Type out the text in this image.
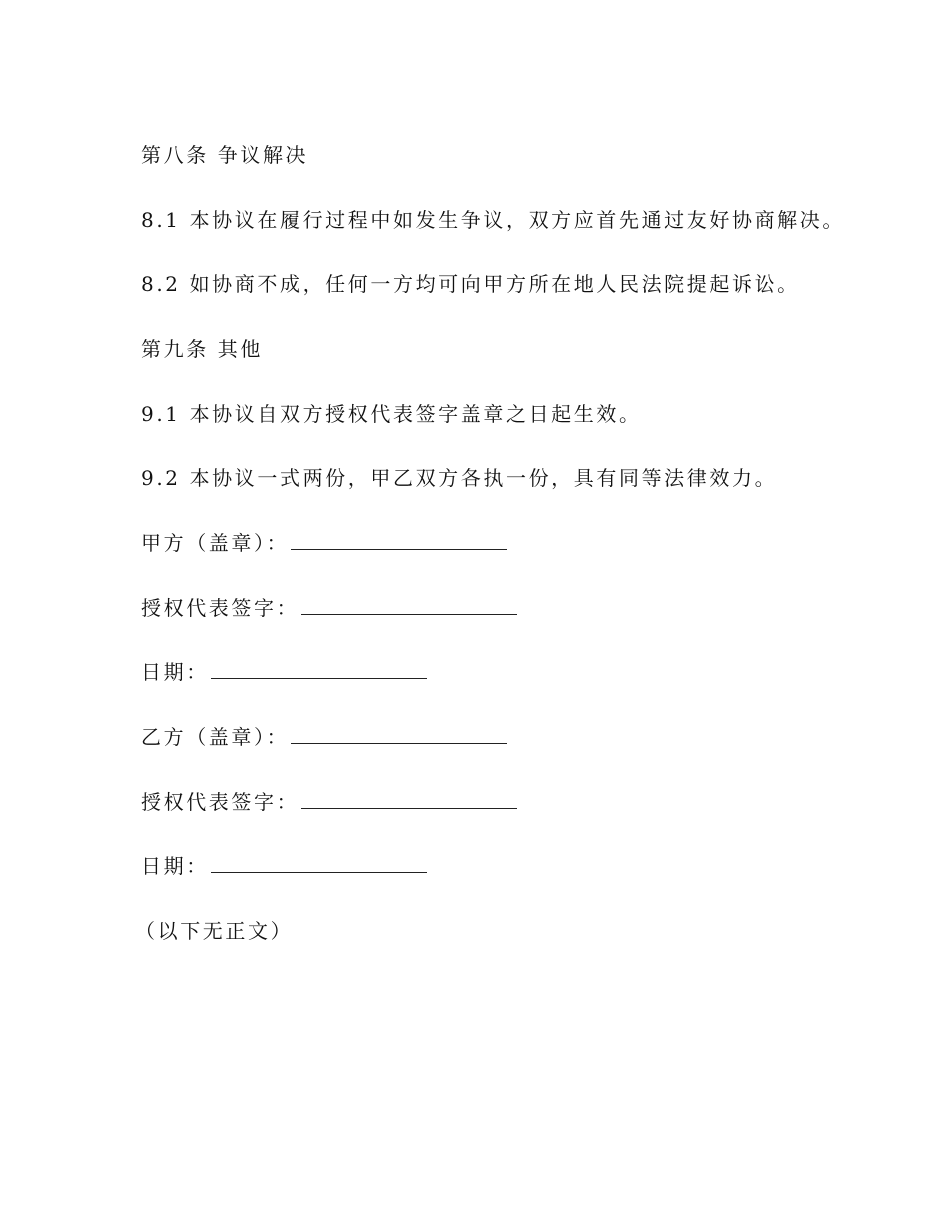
第八条 争议解决
8.1 本协议在履行过程中如发生争议，双方应首先通过友好协商解决。
8.2 如协商不成，任何一方均可向甲方所在地人民法院提起诉讼。
第九条 其他
9.1 本协议自双方授权代表签字盖章之日起生效。
9.2 本协议一式两份，甲乙双方各执一份，具有同等法律效力。
甲方（盖章）：
授权代表签字：
日期：
乙方（盖章）：
授权代表签字：
日期：
（以下无正文）
